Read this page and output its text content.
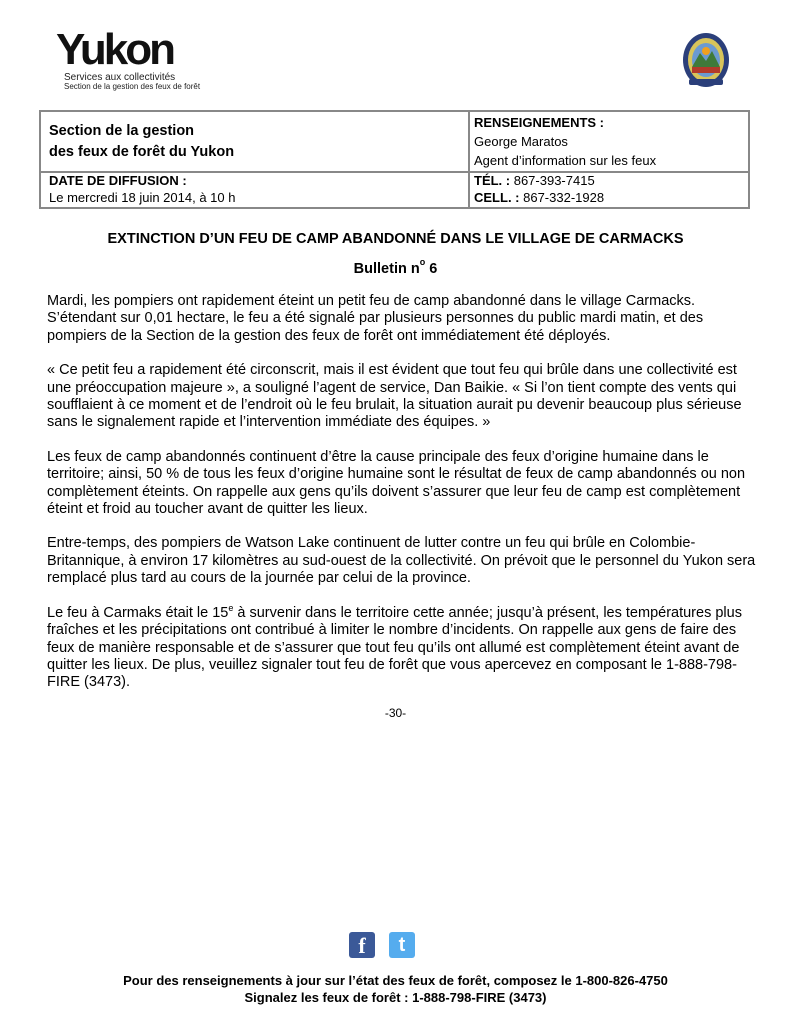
Yukon
Services aux collectivités
Section de la gestion des feux de forêt
Section de la gestion
des feux de forêt du Yukon
DATE DE DIFFUSION :
Le mercredi 18 juin 2014, à 10 h
RENSEIGNEMENTS :
George Maratos
Agent d’information sur les feux
TÉL. : 867-393-7415
CELL. : 867-332-1928
EXTINCTION D’UN FEU DE CAMP ABANDONNÉ DANS LE VILLAGE DE CARMACKS
Bulletin $n^o$ 6

Mardi, les pompiers ont rapidement éteint un petit feu de camp abandonné dans le village Carmacks. S’étendant sur 0,01 hectare, le feu a été signalé par plusieurs personnes du public mardi matin, et des pompiers de la Section de la gestion des feux de forêt ont immédiatement été déployés.

« Ce petit feu a rapidement été circonscrit, mais il est évident que tout feu qui brûle dans une collectivité est une préoccupation majeure », a souligné l’agent de service, Dan Baikie. « Si l’on tient compte des vents qui soufflaient à ce moment et de l’endroit où le feu brulait, la situation aurait pu devenir beaucoup plus sérieuse sans le signalement rapide et l’intervention immédiate des équipes. »

Les feux de camp abandonnés continuent d’être la cause principale des feux d’origine humaine dans le territoire; ainsi, 50 % de tous les feux d’origine humaine sont le résultat de feux de camp abandonnés ou non complètement éteints. On rappelle aux gens qu’ils doivent s’assurer que leur feu de camp est complètement éteint et froid au toucher avant de quitter les lieux.

Entre-temps, des pompiers de Watson Lake continuent de lutter contre un feu qui brûle en Colombie-Britannique, à environ 17 kilomètres au sud-ouest de la collectivité. On prévoit que le personnel du Yukon sera remplacé plus tard au cours de la journée par celui de la province.

Le feu à Carmaks était le 15e à survenir dans le territoire cette année; jusqu’à présent, les températures plus fraîches et les précipitations ont contribué à limiter le nombre d’incidents. On rappelle aux gens de faire des feux de manière responsable et de s’assurer que tout feu qu’ils ont allumé est complètement éteint avant de quitter les lieux. De plus, veuillez signaler tout feu de forêt que vous apercevez en composant le 1-888-798-FIRE (3473).

-30-
f	t
Pour des renseignements à jour sur l’état des feux de forêt, composez le 1-800-826-4750
Signalez les feux de forêt : 1-888-798-FIRE (3473)
